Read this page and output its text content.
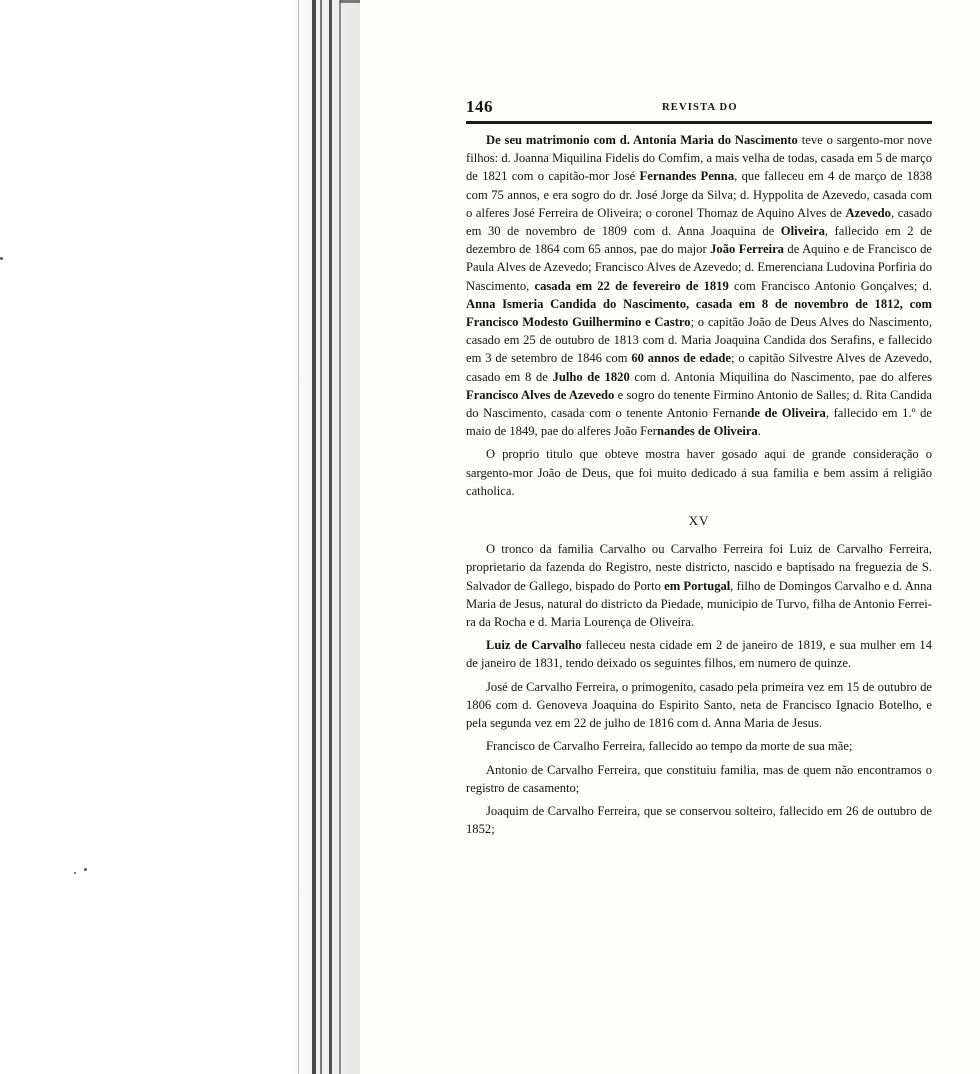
146	REVISTA DO

De seu matrimonio com d. Antonia Maria do Nascimento teve o sargento-mor nove filhos: d. Joanna Miquilina Fidelis do Comfim, a mais velha de todas, casada em 5 de março de 1821 com o capitão-mor José Fernandes Penna, que falleceu em 4 de março de 1838 com 75 annos, e era sogro do dr. José Jorge da Silva; d. Hyppolita de Azevedo, casada com o alferes José Ferreira de Oliveira; o coronel Thomaz de Aquino Alves de Azevedo, casado em 30 de novembro de 1809 com d. Anna Joaquina de Oliveira, fallecido em 2 de dezembro de 1864 com 65 annos, pae do major João Ferreira de Aquino e de Francisco de Paula Alves de Azevedo; Francisco Alves de Azevedo; d. Emerenciana Ludovina Porfiria do Nascimento, casada em 22 de fevereiro de 1819 com Francisco Antonio Gonçalves; d. Anna Ismeria Candida do Nascimento, casada em 8 de novembro de 1812, com Francisco Modesto Guilhermino e Castro; o capitão João de Deus Alves do Nascimento, casado em 25 de outubro de 1813 com d. Maria Joaquina Candida dos Serafins, e fallecido em 3 de setembro de 1846 com 60 annos de edade; o capitão Silvestre Alves de Azevedo, casado em 8 de Julho de 1820 com d. Antonia Miquilina do Nascimento, pae do alferes Francisco Alves de Azevedo e sogro do tenente Firmino Antonio de Salles; d. Rita Candida do Nascimento, casada com o tenente Antonio Fernande de Oliveira, fallecido em 1.º de maio de 1849, pae do alferes João Fernandes de Oliveira.

O proprio titulo que obteve mostra haver gosado aqui de grande consideração o sargento-mor João de Deus, que foi muito dedicado á sua familia e bem assim á religião catholica.

XV

O tronco da familia Carvalho ou Carvalho Ferreira foi Luiz de Carvalho Ferreira, proprietario da fazenda do Registro, neste districto, nascido e baptisado na freguezia de S. Salvador de Gallego, bispado do Porto em Portugal, filho de Domingos Carvalho e d. Anna Maria de Jesus, natural do districto da Piedade, municipio de Turvo, filha de Antonio Ferreira da Rocha e d. Maria Lourença de Oliveira.

Luiz de Carvalho falleceu nesta cidade em 2 de janeiro de 1819, e sua mulher em 14 de janeiro de 1831, tendo deixado os seguintes filhos, em numero de quinze.

José de Carvalho Ferreira, o primogenito, casado pela primeira vez em 15 de outubro de 1806 com d. Genoveva Joaquina do Espirito Santo, neta de Francisco Ignacio Botelho, e pela segunda vez em 22 de julho de 1816 com d. Anna Maria de Jesus.

Francisco de Carvalho Ferreira, fallecido ao tempo da morte de sua mãe;

Antonio de Carvalho Ferreira, que constituiu familia, mas de quem não encontramos o registro de casamento;

Joaquim de Carvalho Ferreira, que se conservou solteiro, fallecido em 26 de outubro de 1852;
